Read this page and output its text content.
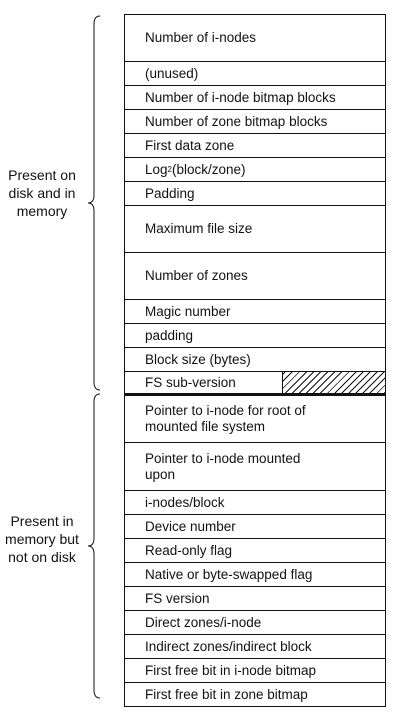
Present on disk and in memory
Present in memory but not on disk
Number of i-nodes
(unused)
Number of i-node bitmap blocks
Number of zone bitmap blocks
First data zone
Log 2 (block/zone)
Padding
Maximum file size
Number of zones
Magic number
padding
Block size (bytes)
FS sub-version
Pointer to i-node for root of
mounted file system
Pointer to i-node mounted
upon
i-nodes/block
Device number
Read-only flag
Native or byte-swapped flag
FS version
Direct zones/i-node
Indirect zones/indirect block
First free bit in i-node bitmap
First free bit in zone bitmap
